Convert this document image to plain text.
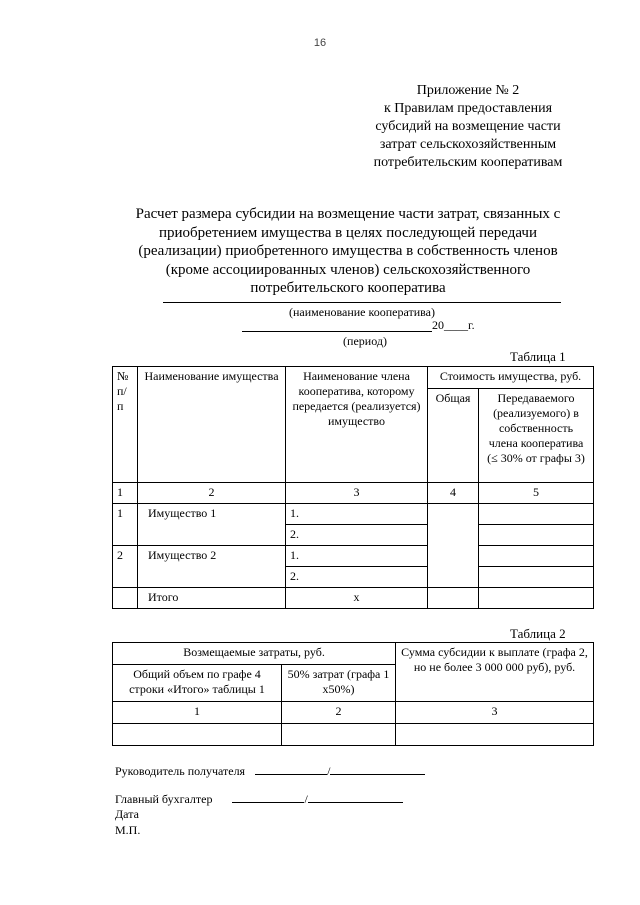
16
Приложение № 2
к Правилам предоставления
субсидий на возмещение части
затрат сельскохозяйственным
потребительским кооперативам
Расчет размера субсидии на возмещение части затрат, связанных с
приобретением имущества в целях последующей передачи
(реализации) приобретенного имущества в собственность членов
(кроме ассоциированных членов) сельскохозяйственного
потребительского кооператива
(наименование кооператива)
20____г.
(период)
Таблица 1
№ п/п	Наименование имущества	Наименование члена кооператива, которому передается (реализуется) имущество	Стоимость имущества, руб.	
			Общая	Передаваемого (реализуемого) в собственность члена кооператива (≤ 30% от графы 3)
1	2	3	4	5
1	Имущество 1	1.		
		2.		
2	Имущество 2	1.		
		2.		
	Итого	x		
Таблица 2
Возмещаемые затраты, руб.		Сумма субсидии к выплате (графа 2, но не более 3 000 000 руб), руб.
Общий объем по графе 4 строки «Итого» таблицы 1	50% затрат (графа 1 х50%)	
1	2	3

Руководитель получателя	/
Главный бухгалтер	/
Дата
М.П.
